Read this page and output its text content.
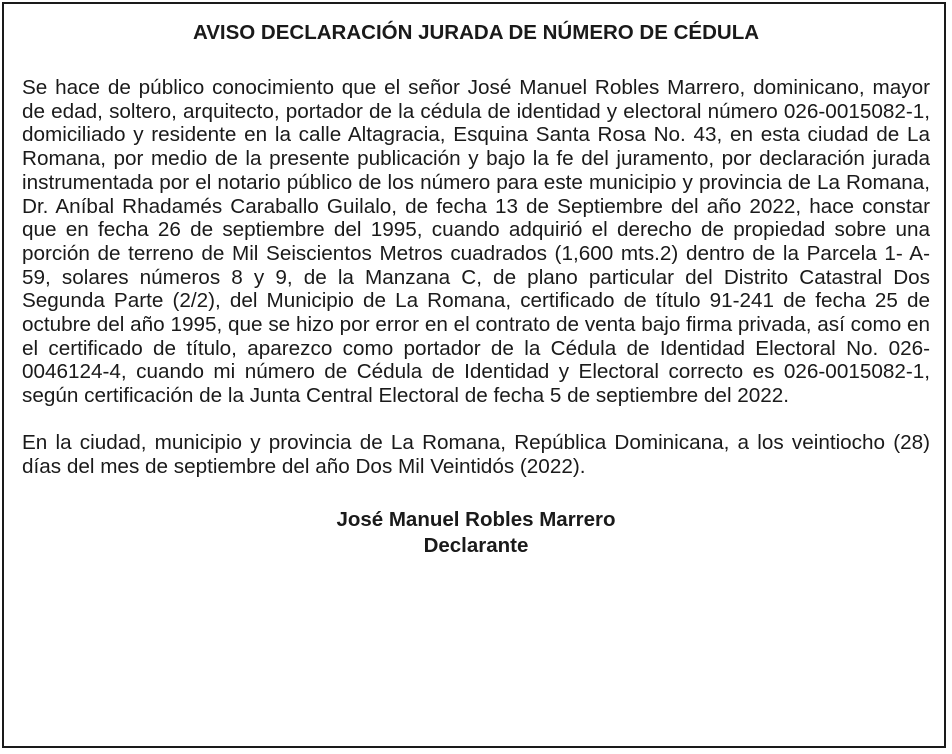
AVISO DECLARACIÓN JURADA DE NÚMERO DE CÉDULA

Se hace de público conocimiento que el señor José Manuel Robles Marrero, dominicano, mayor de edad, soltero, arquitecto, portador de la cédula de identidad y electoral número 026-0015082-1, domiciliado y residente en la calle Altagracia, Esquina Santa Rosa No. 43, en esta ciudad de La Romana, por medio de la presente publicación y bajo la fe del juramento, por declaración jurada instrumentada por el notario público de los número para este municipio y provincia de La Romana, Dr. Aníbal Rhadamés Caraballo Guilalo, de fecha 13 de Septiembre del año 2022, hace constar que en fecha 26 de septiembre del 1995, cuando adquirió el derecho de propiedad sobre una porción de terreno de Mil Seiscientos Metros cuadrados (1,600 mts.2) dentro de la Parcela 1- A-59, solares números 8 y 9, de la Manzana C, de plano particular del Distrito Catastral Dos Segunda Parte (2/2), del Municipio de La Romana, certificado de título 91-241 de fecha 25 de octubre del año 1995, que se hizo por error en el contrato de venta bajo firma privada, así como en el certificado de título, aparezco como portador de la Cédula de Identidad Electoral No. 026-0046124-4, cuando mi número de Cédula de Identidad y Electoral correcto es 026-0015082-1, según certificación de la Junta Central Electoral de fecha 5 de septiembre del 2022.

En la ciudad, municipio y provincia de La Romana, República Dominicana, a los veintiocho (28) días del mes de septiembre del año Dos Mil Veintidós (2022).

José Manuel Robles Marrero
Declarante
